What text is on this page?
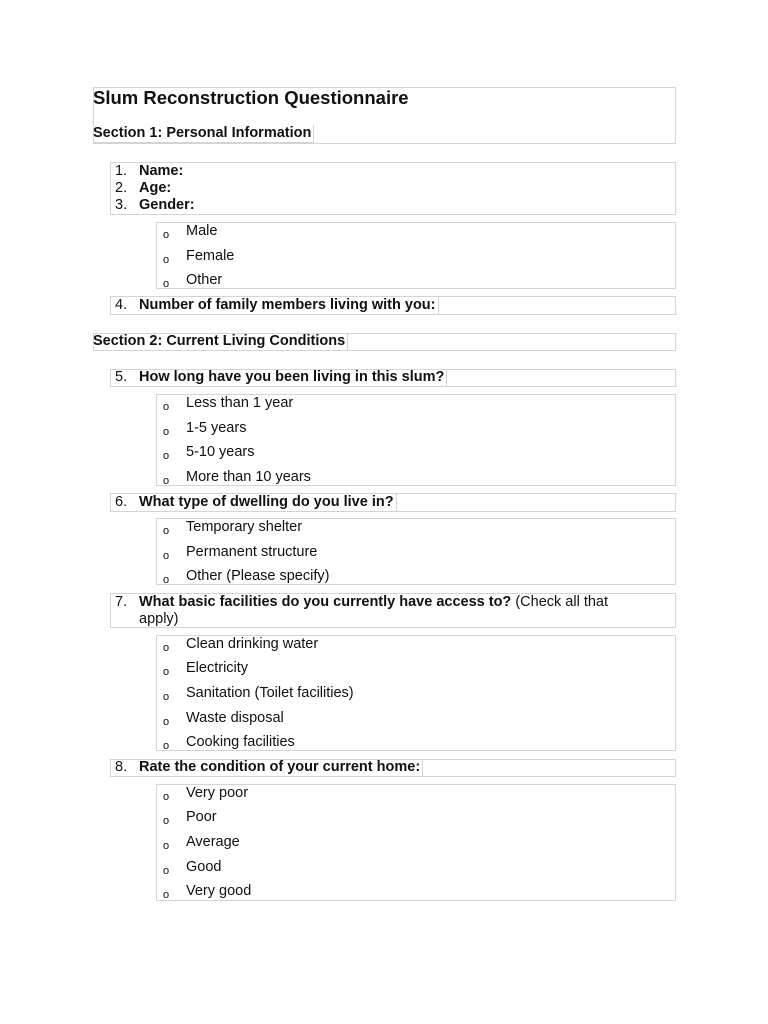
Slum Reconstruction Questionnaire
Section 1: Personal Information
1. Name:
2. Age:
3. Gender:
o Male
o Female
o Other
4. Number of family members living with you:
Section 2: Current Living Conditions
5. How long have you been living in this slum?
o Less than 1 year
o 1-5 years
o 5-10 years
o More than 10 years
6. What type of dwelling do you live in?
o Temporary shelter
o Permanent structure
o Other (Please specify)
7. What basic facilities do you currently have access to? (Check all that
apply)
o Clean drinking water
o Electricity
o Sanitation (Toilet facilities)
o Waste disposal
o Cooking facilities
8. Rate the condition of your current home:
o Very poor
o Poor
o Average
o Good
o Very good
